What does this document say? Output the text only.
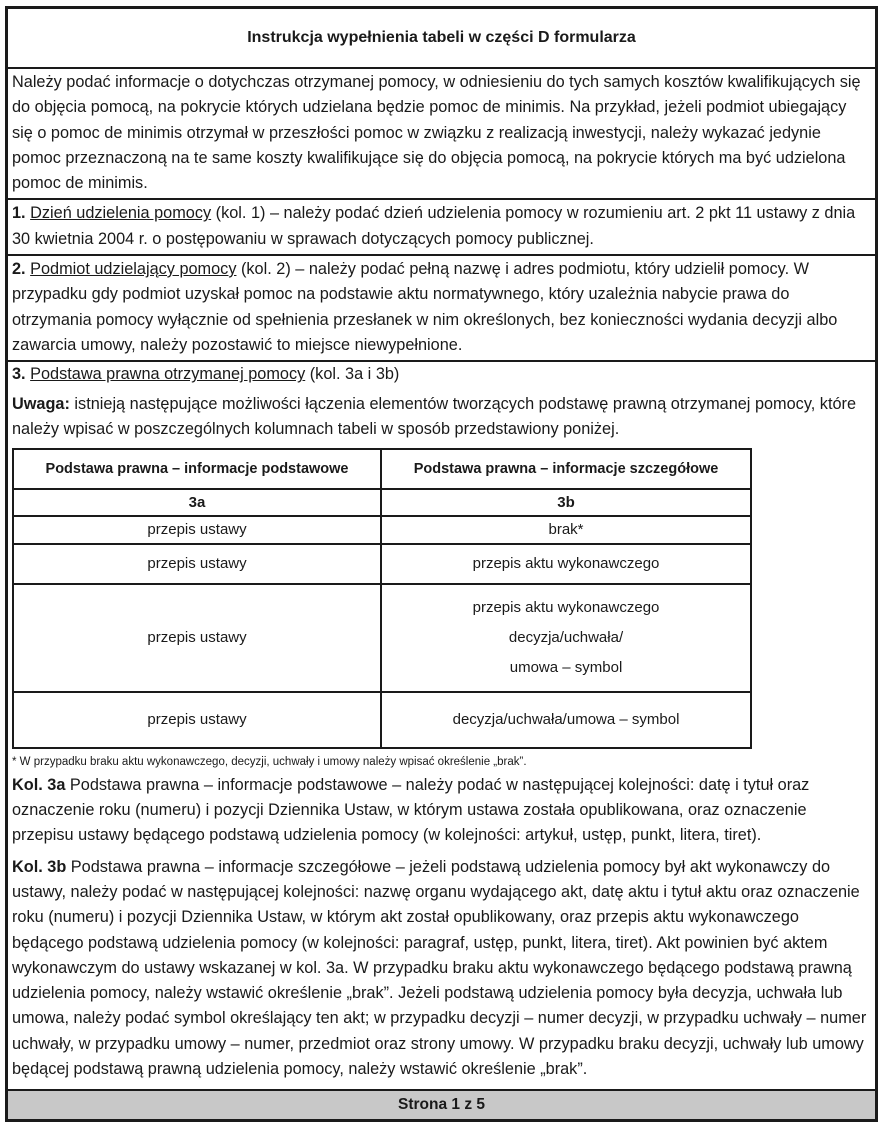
Instrukcja wypełnienia tabeli w części D formularza

Należy podać informacje o dotychczas otrzymanej pomocy, w odniesieniu do tych samych kosztów kwalifikujących się do objęcia pomocą, na pokrycie których udzielana będzie pomoc de minimis. Na przykład, jeżeli podmiot ubiegający się o pomoc de minimis otrzymał w przeszłości pomoc w związku z realizacją inwestycji, należy wykazać jedynie pomoc przeznaczoną na te same koszty kwalifikujące się do objęcia pomocą, na pokrycie których ma być udzielona pomoc de minimis.

1. Dzień udzielenia pomocy (kol. 1) – należy podać dzień udzielenia pomocy w rozumieniu art. 2 pkt 11 ustawy z dnia 30 kwietnia 2004 r. o postępowaniu w sprawach dotyczących pomocy publicznej.

2. Podmiot udzielający pomocy (kol. 2) – należy podać pełną nazwę i adres podmiotu, który udzielił pomocy. W przypadku gdy podmiot uzyskał pomoc na podstawie aktu normatywnego, który uzależnia nabycie prawa do otrzymania pomocy wyłącznie od spełnienia przesłanek w nim określonych, bez konieczności wydania decyzji albo zawarcia umowy, należy pozostawić to miejsce niewypełnione.

3. Podstawa prawna otrzymanej pomocy (kol. 3a i 3b)

Uwaga: istnieją następujące możliwości łączenia elementów tworzących podstawę prawną otrzymanej pomocy, które należy wpisać w poszczególnych kolumnach tabeli w sposób przedstawiony poniżej.

Podstawa prawna – informacje podstawowe	Podstawa prawna – informacje szczegółowe
3a	3b
przepis ustawy	brak*
przepis ustawy	przepis aktu wykonawczego
przepis ustawy	przepis aktu wykonawczego
decyzja/uchwała/
umowa – symbol

przepis ustawy	decyzja/uchwała/umowa – symbol
* W przypadku braku aktu wykonawczego, decyzji, uchwały i umowy należy wpisać określenie „brak”.

Kol. 3a Podstawa prawna – informacje podstawowe – należy podać w następującej kolejności: datę i tytuł oraz oznaczenie roku (numeru) i pozycji Dziennika Ustaw, w którym ustawa została opublikowana, oraz oznaczenie przepisu ustawy będącego podstawą udzielenia pomocy (w kolejności: artykuł, ustęp, punkt, litera, tiret).

Kol. 3b Podstawa prawna – informacje szczegółowe – jeżeli podstawą udzielenia pomocy był akt wykonawczy do ustawy, należy podać w następującej kolejności: nazwę organu wydającego akt, datę aktu i tytuł aktu oraz oznaczenie roku (numeru) i pozycji Dziennika Ustaw, w którym akt został opublikowany, oraz przepis aktu wykonawczego będącego podstawą udzielenia pomocy (w kolejności: paragraf, ustęp, punkt, litera, tiret). Akt powinien być aktem wykonawczym do ustawy wskazanej w kol. 3a. W przypadku braku aktu wykonawczego będącego podstawą prawną udzielenia pomocy, należy wstawić określenie „brak”. Jeżeli podstawą udzielenia pomocy była decyzja, uchwała lub umowa, należy podać symbol określający ten akt; w przypadku decyzji – numer decyzji, w przypadku uchwały – numer uchwały, w przypadku umowy – numer, przedmiot oraz strony umowy. W przypadku braku decyzji, uchwały lub umowy będącej podstawą prawną udzielenia pomocy, należy wstawić określenie „brak”.

Strona 1 z 5
